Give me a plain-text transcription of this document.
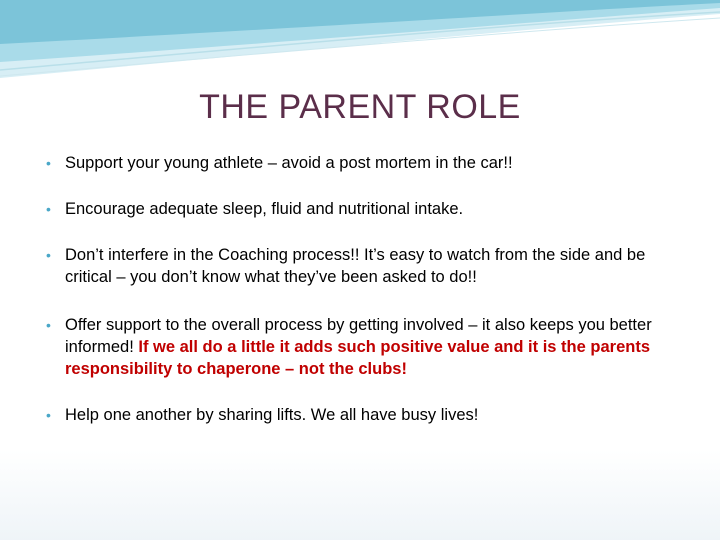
THE PARENT ROLE
• Support your young athlete – avoid a post mortem in the car!!
• Encourage adequate sleep, fluid and nutritional intake.
• Don’t interfere in the Coaching process!! It’s easy to watch from the side and be critical – you don’t know what they’ve been asked to do!!
• Offer support to the overall process by getting involved – it also keeps you better informed! If we all do a little it adds such positive value and it is the parents responsibility to chaperone – not the clubs!
• Help one another by sharing lifts. We all have busy lives!
